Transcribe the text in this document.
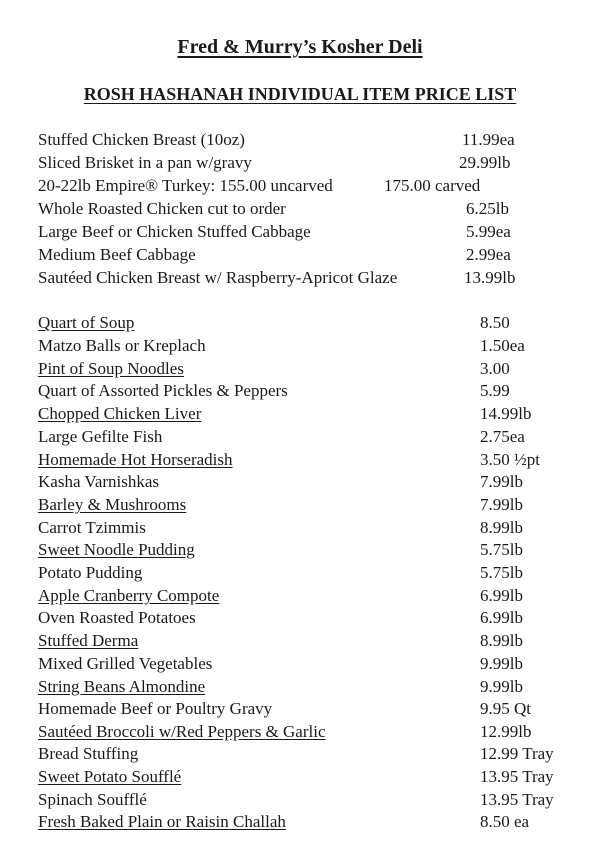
Fred & Murry’s Kosher Deli
ROSH HASHANAH INDIVIDUAL ITEM PRICE LIST
Stuffed Chicken Breast (10oz)	11.99ea
Sliced Brisket in a pan w/gravy	29.99lb
20-22lb Empire® Turkey: 155.00 uncarved	175.00 carved
Whole Roasted Chicken cut to order	6.25lb
Large Beef or Chicken Stuffed Cabbage	5.99ea
Medium Beef Cabbage	2.99ea
Sautéed Chicken Breast w/ Raspberry-Apricot Glaze	13.99lb
Quart of Soup	8.50
Matzo Balls or Kreplach	1.50ea
Pint of Soup Noodles	3.00
Quart of Assorted Pickles & Peppers	5.99
Chopped Chicken Liver	14.99lb
Large Gefilte Fish	2.75ea
Homemade Hot Horseradish	3.50 ½pt
Kasha Varnishkas	7.99lb
Barley & Mushrooms	7.99lb
Carrot Tzimmis	8.99lb
Sweet Noodle Pudding	5.75lb
Potato Pudding	5.75lb
Apple Cranberry Compote	6.99lb
Oven Roasted Potatoes	6.99lb
Stuffed Derma	8.99lb
Mixed Grilled Vegetables	9.99lb
String Beans Almondine	9.99lb
Homemade Beef or Poultry Gravy	9.95 Qt
Sautéed Broccoli w/Red Peppers & Garlic	12.99lb
Bread Stuffing	12.99 Tray
Sweet Potato Soufflé	13.95 Tray
Spinach Soufflé	13.95 Tray
Fresh Baked Plain or Raisin Challah	8.50 ea
